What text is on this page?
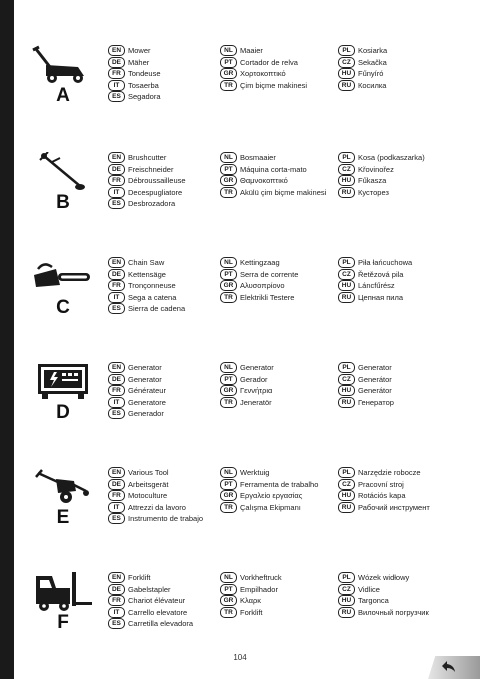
A
EN Mower
DE Mäher
FR Tondeuse
IT	Tosaerba
ES Segadora
NL Maaier
PT Cortador de relva
GR Χορτοκοπτικό
TR Çim biçme makinesi
PL Kosiarka
CZ Sekačka
HU Fűnyíró
RU Косилка
B
EN Brushcutter
DE Freischneider
FR Débroussailleuse
IT	Decespugliatore
ES Desbrozadora
NL Bosmaaier
PT Máquina corta-mato
GR Θαμνοκοπτικό
TR Akülü çim biçme makinesi
PL Kosa (podkaszarka)
CZ Křovinořez
HU Fűkasza
RU Кусторез
C
EN Chain Saw
DE Kettensäge
FR Tronçonneuse
IT	Sega a catena
ES Sierra de cadena
NL Kettingzaag
PT Serra de corrente
GR Αλυσοπρίονο
TR Elektrikli Testere
PL Piła łańcuchowa
CZ Řetězová pila
HU Láncfűrész
RU Цепная пила
D
EN Generator
DE Generator
FR Générateur
IT	Generatore
ES Generador
NL Generator
PT Gerador
GR Γεννήτρια
TR Jeneratör
PL Generator
CZ Generátor
HU Generátor
RU Генератор
E
EN Various Tool
DE Arbeitsgerät
FR Motoculture
IT	Attrezzi da lavoro
ES Instrumento de trabajo
NL Werktuig
PT Ferramenta de trabalho
GR Εργαλείο εργασίας
TR Çalışma Ekipmanı
PL Narzędzie robocze
CZ Pracovní stroj
HU Rotációs kapa
RU Рабочий инструмент
F
EN Forklift
DE Gabelstapler
FR Chariot élévateur
IT	Carrello elevatore
ES Carretilla elevadora
NL Vorkheftruck
PT Empilhador
GR Κλαρκ
TR Forklift
PL Wózek widłowy
CZ Vidlice
HU Targonca
RU Вилочный погрузчик
104
